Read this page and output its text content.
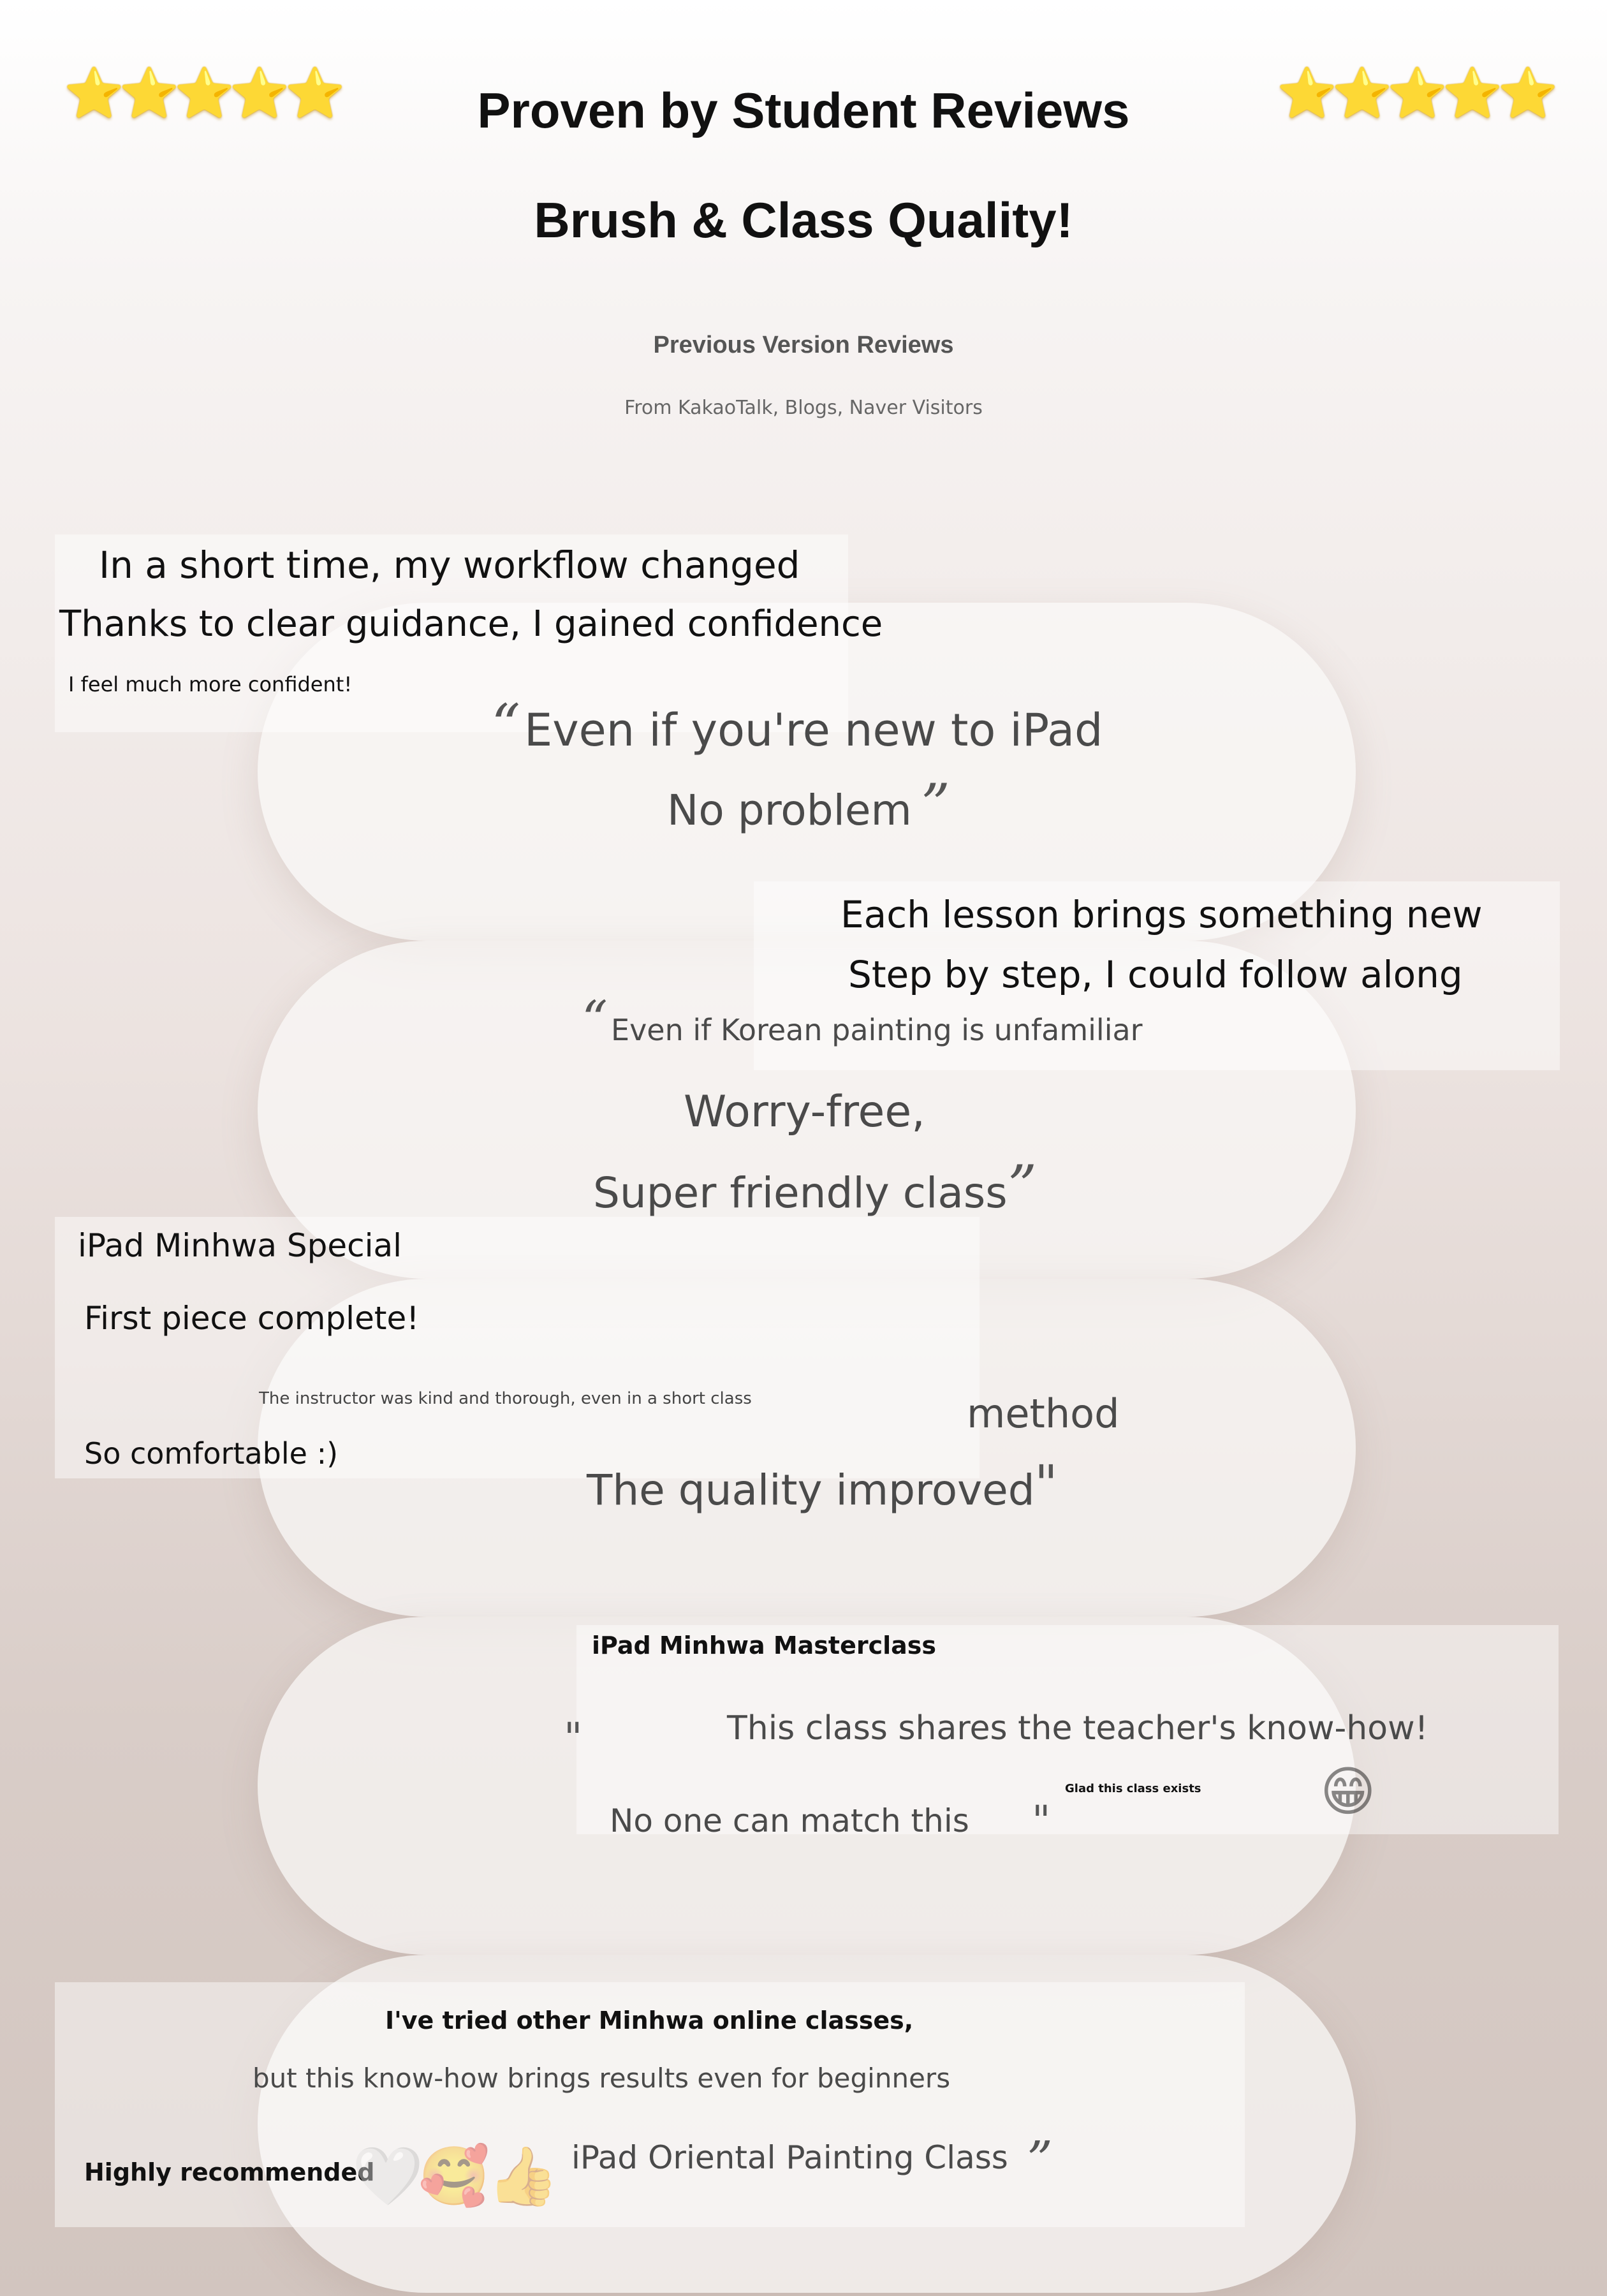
⭐⭐⭐⭐⭐	⭐⭐⭐⭐⭐
Proven by Student Reviews
Brush & Class Quality!
Previous Version Reviews
From KakaoTalk, Blogs, Naver Visitors
In a short time, my workflow changed
Thanks to clear guidance, I gained confidence
I feel much more confident!
“ Even if you're new to iPad
No problem ”
Each lesson brings something new
Step by step, I could follow along
“ Even if Korean painting is unfamiliar
Worry-free,
Super friendly class ”
iPad Minhwa Special
First piece complete!
The instructor was kind and thorough, even in a short class
So comfortable :)
method
The quality improved "
iPad Minhwa Masterclass
Glad this class exists 😁
"	This class shares the teacher's know-how!
No one can match this "
I've tried other Minhwa online classes,
but this know-how brings results even for beginners
Highly recommended
🤍
🥰
👍 iPad Oriental Painting Class ”
